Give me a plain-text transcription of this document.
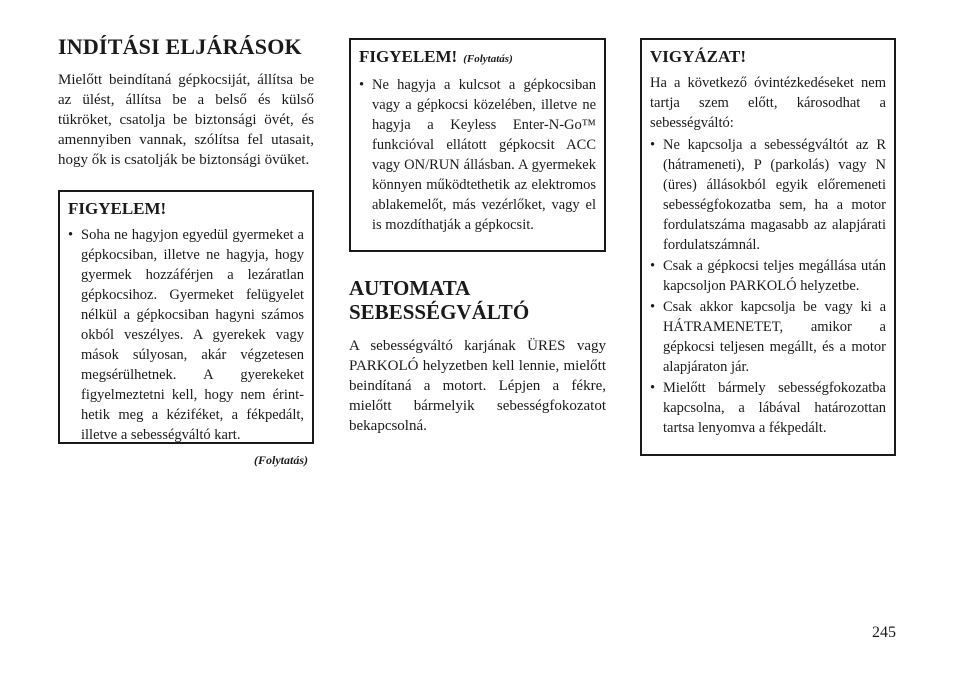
INDÍTÁSI ELJÁRÁSOK

Mielőtt beindítaná gépkocsiját, állítsa be az ülést, állítsa be a belső és külső tükröket, csatolja be biztonsági övét, és amennyiben vannak, szólítsa fel utasait, hogy ők is csatolják be biztonsági övüket.

FIGYELEM!
• Soha ne hagyjon egyedül gyermeket a gépkocsiban, illetve ne hagyja, hogy gyermek hozzáférjen a lezáratlan gépkocsihoz. Gyermeket felügyelet nélkül a gépkocsiban hagyni számos okból veszélyes. A gyerekek vagy mások súlyosan, akár végzetesen megsérülhetnek. A gyerekeket figyelmeztetni kell, hogy nem érinthetik meg a kéziféket, a fékpedált, illetve a sebességváltó kart.
(Folytatás)
FIGYELEM! (Folytatás)
• Ne hagyja a kulcsot a gépkocsiban vagy a gépkocsi közelében, illetve ne hagyja a Keyless Enter-N-Go™ funkcióval ellátott gépkocsit ACC vagy ON/RUN állásban. A gyermekek könnyen működtethetik az elektromos ablakemelőt, más vezérlőket, vagy el is mozdíthatják a gépkocsit.
AUTOMATA
SEBESSÉGVÁLTÓ

A sebességváltó karjának ÜRES vagy PARKOLÓ helyzetben kell lennie, mielőtt beindítaná a motort. Lépjen a fékre, mielőtt bármelyik sebességfokozatot bekapcsolná.

VIGYÁZAT!

Ha a következő óvintézkedéseket nem tartja szem előtt, károsodhat a sebességváltó:

• Ne kapcsolja a sebességváltót az R (hátrameneti), P (parkolás) vagy N (üres) állásokból egyik előremeneti sebességfokozatba sem, ha a motor fordulatszáma magasabb az alapjárati fordulatszámnál.
• Csak a gépkocsi teljes megállása után kapcsoljon PARKOLÓ helyzetbe.
• Csak akkor kapcsolja be vagy ki a HÁTRAMENETET, amikor a gépkocsi teljesen megállt, és a motor alapjáraton jár.
• Mielőtt bármely sebességfokozatba kapcsolna, a lábával határozottan tartsa lenyomva a fékpedált.
245
